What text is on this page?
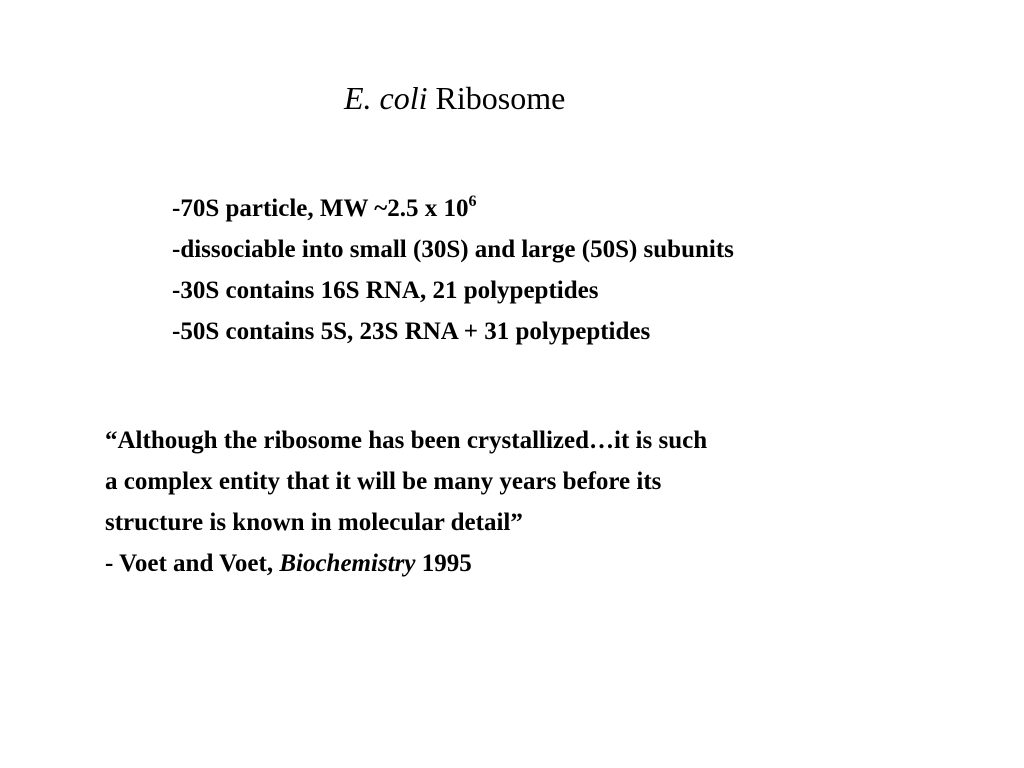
E. coli Ribosome
-70S particle, MW ~2.5 x $10^6$
-dissociable into small (30S) and large (50S) subunits
-30S contains 16S RNA, 21 polypeptides
-50S contains 5S, 23S RNA + 31 polypeptides
“Although the ribosome has been crystallized…it is such
a complex entity that it will be many years before its
structure is known in molecular detail”
- Voet and Voet, Biochemistry 1995
